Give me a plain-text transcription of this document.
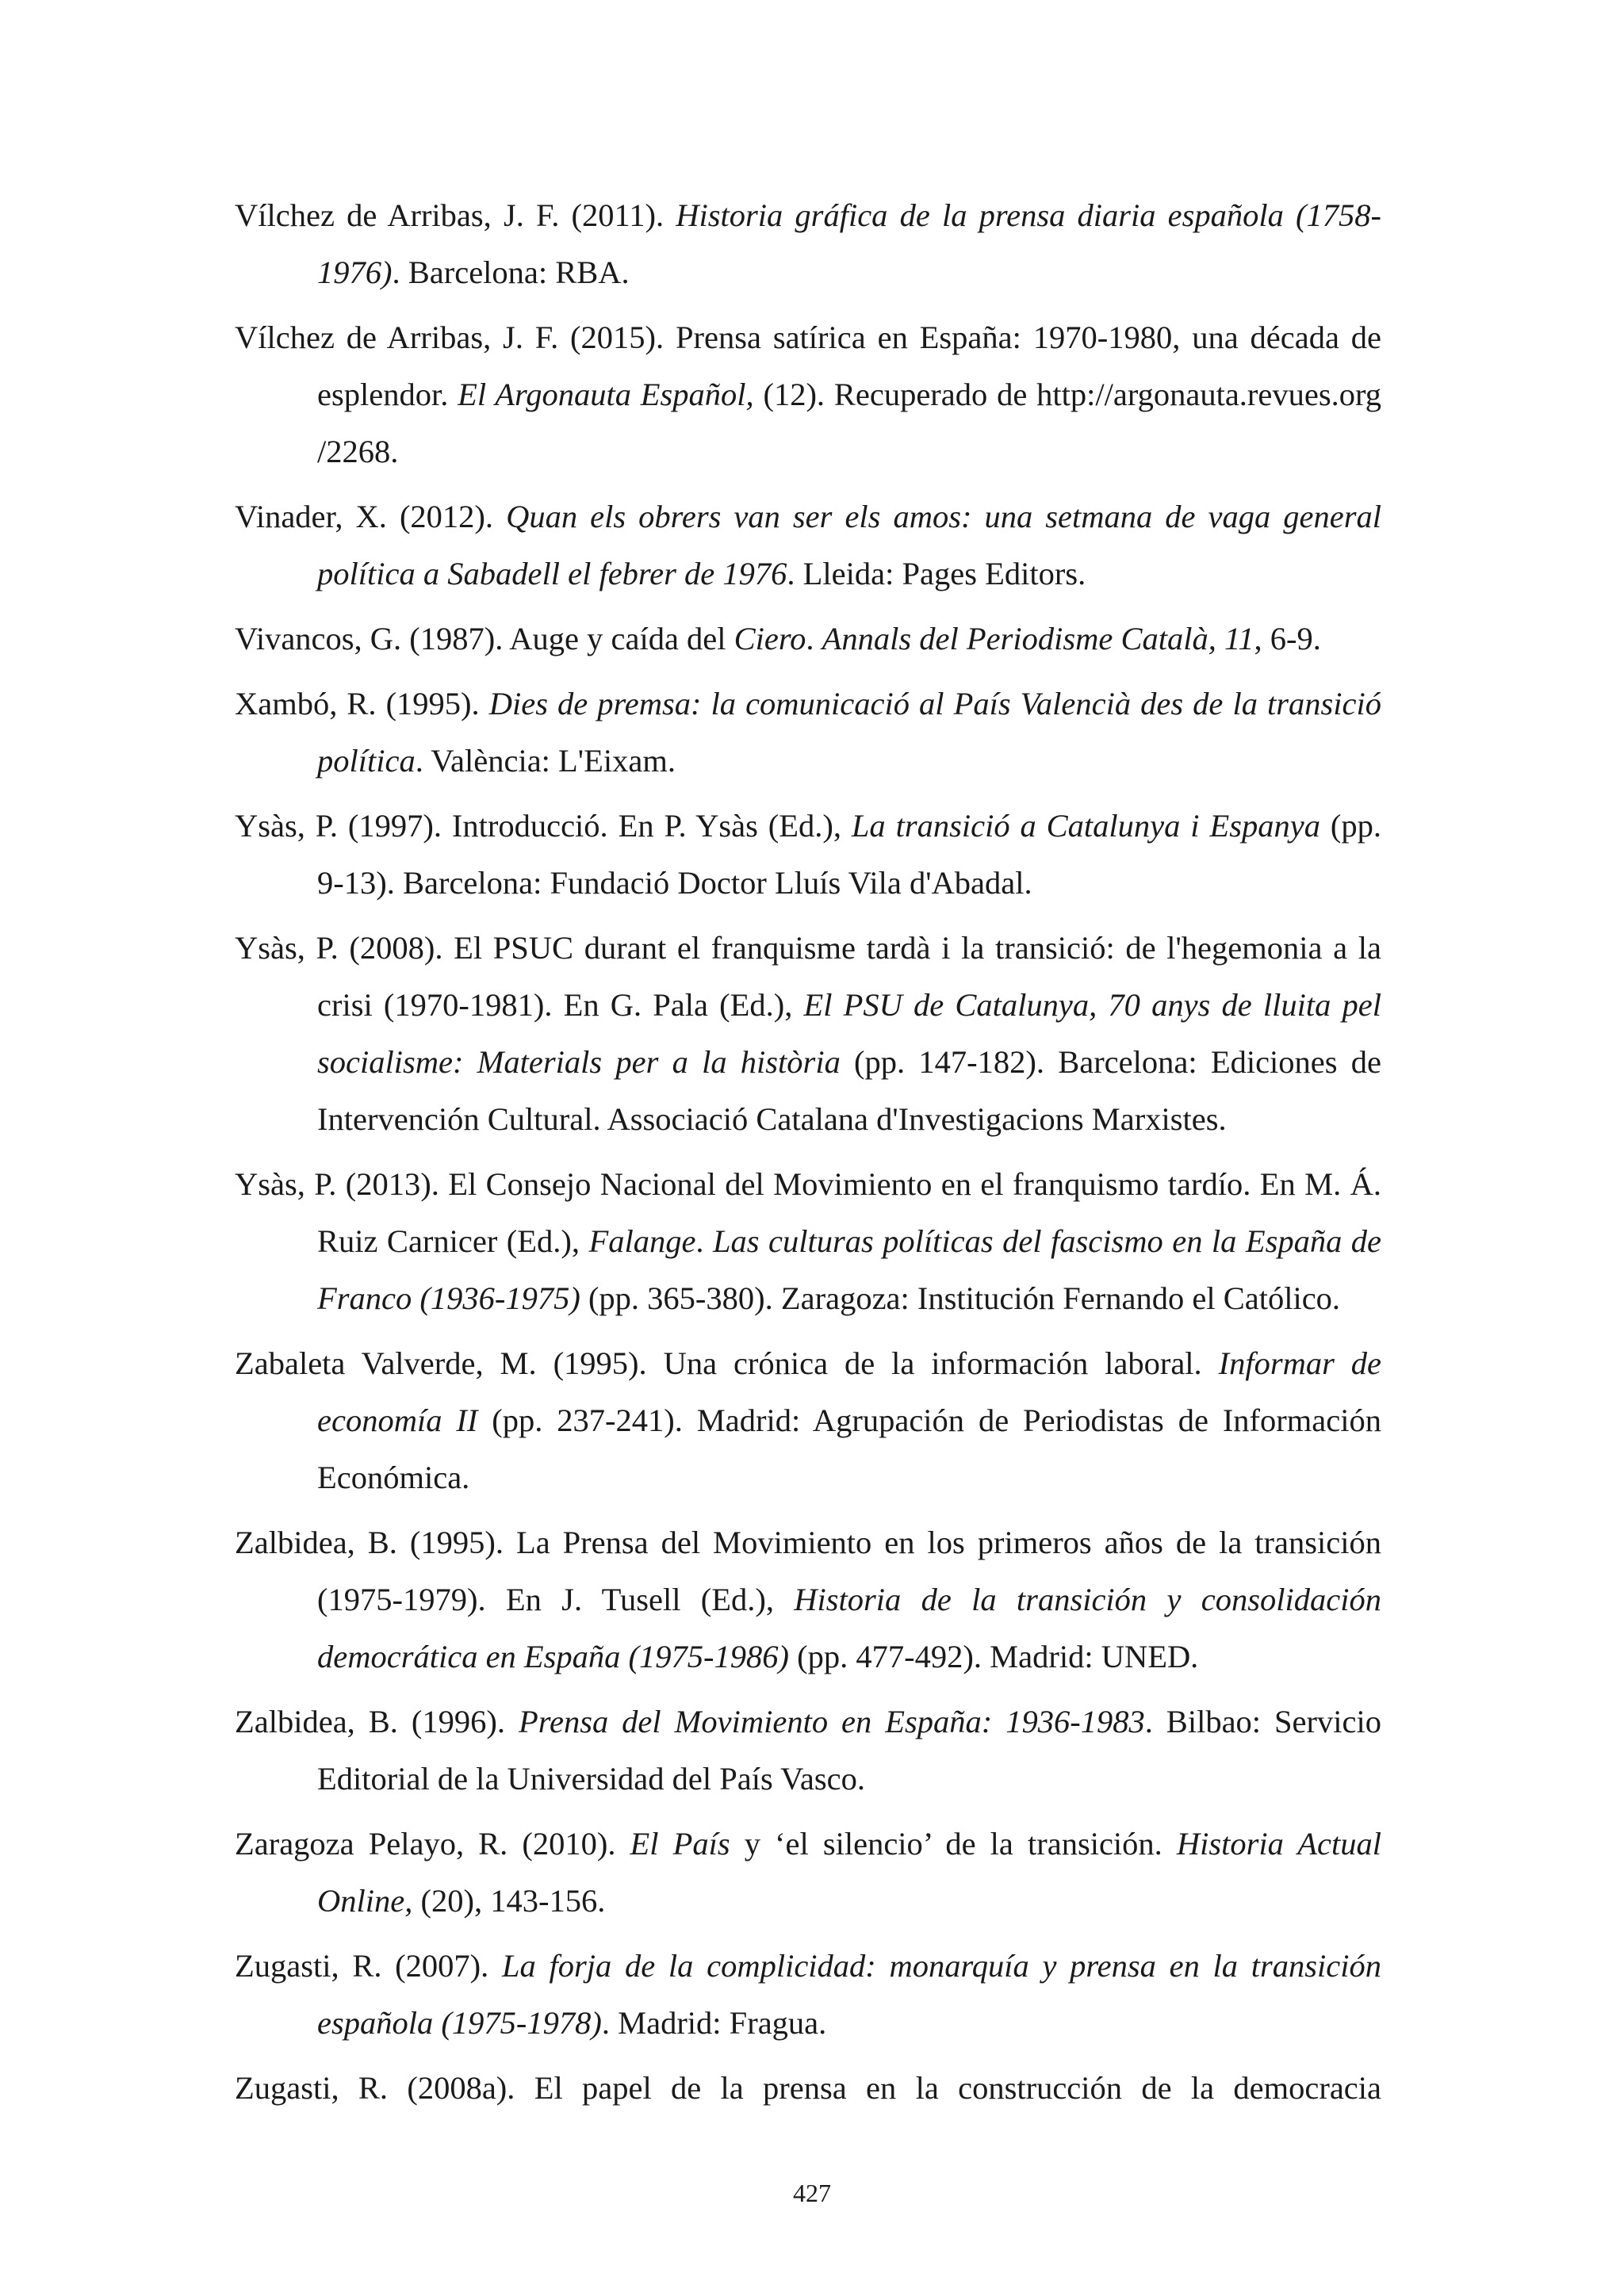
Vílchez de Arribas, J. F. (2011). Historia gráfica de la prensa diaria española (1758-1976). Barcelona: RBA.

Vílchez de Arribas, J. F. (2015). Prensa satírica en España: 1970-1980, una década de esplendor. El Argonauta Español, (12). Recuperado de http://argonauta.revues.org /2268.

Vinader, X. (2012). Quan els obrers van ser els amos: una setmana de vaga general política a Sabadell el febrer de 1976. Lleida: Pages Editors.

Vivancos, G. (1987). Auge y caída del Ciero. Annals del Periodisme Català, 11, 6-9.

Xambó, R. (1995). Dies de premsa: la comunicació al País Valencià des de la transició política. València: L'Eixam.

Ysàs, P. (1997). Introducció. En P. Ysàs (Ed.), La transició a Catalunya i Espanya (pp. 9-13). Barcelona: Fundació Doctor Lluís Vila d'Abadal.

Ysàs, P. (2008). El PSUC durant el franquisme tardà i la transició: de l'hegemonia a la crisi (1970-1981). En G. Pala (Ed.), El PSU de Catalunya, 70 anys de lluita pel socialisme: Materials per a la història (pp. 147-182). Barcelona: Ediciones de Intervención Cultural. Associació Catalana d'Investigacions Marxistes.

Ysàs, P. (2013). El Consejo Nacional del Movimiento en el franquismo tardío. En M. Á. Ruiz Carnicer (Ed.), Falange. Las culturas políticas del fascismo en la España de Franco (1936-1975) (pp. 365-380). Zaragoza: Institución Fernando el Católico.

Zabaleta Valverde, M. (1995). Una crónica de la información laboral. Informar de economía II (pp. 237-241). Madrid: Agrupación de Periodistas de Información Económica.

Zalbidea, B. (1995). La Prensa del Movimiento en los primeros años de la transición (1975-1979). En J. Tusell (Ed.), Historia de la transición y consolidación democrática en España (1975-1986) (pp. 477-492). Madrid: UNED.

Zalbidea, B. (1996). Prensa del Movimiento en España: 1936-1983. Bilbao: Servicio Editorial de la Universidad del País Vasco.

Zaragoza Pelayo, R. (2010). El País y ‘el silencio’ de la transición. Historia Actual Online, (20), 143-156.

Zugasti, R. (2007). La forja de la complicidad: monarquía y prensa en la transición española (1975-1978). Madrid: Fragua.

Zugasti, R. (2008a). El papel de la prensa en la construcción de la democracia

427
